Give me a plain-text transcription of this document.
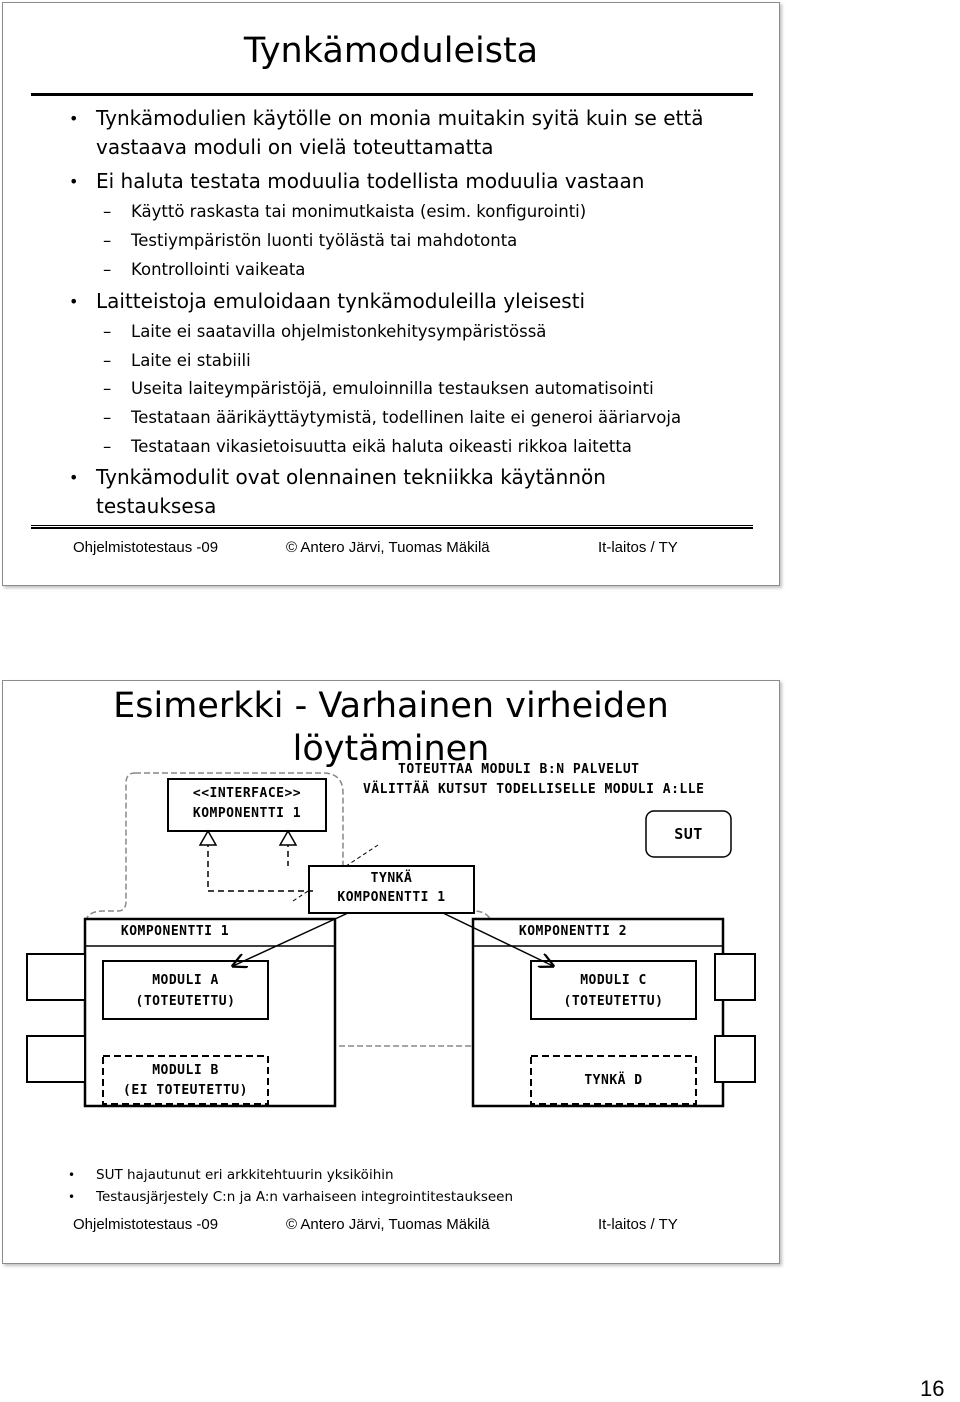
Tynkämoduleista
• Tynkämodulien käytölle on monia muitakin syitä kuin se että vastaava moduli on vielä toteuttamatta
• Ei haluta testata moduulia todellista moduulia vastaan
– Käyttö raskasta tai monimutkaista (esim. konfigurointi)
– Testiympäristön luonti työlästä tai mahdotonta
– Kontrollointi vaikeata
• Laitteistoja emuloidaan tynkämoduleilla yleisesti
– Laite ei saatavilla ohjelmistonkehitysympäristössä
– Laite ei stabiili
– Useita laiteympäristöjä, emuloinnilla testauksen automatisointi
– Testataan äärikäyttäytymistä, todellinen laite ei generoi ääriarvoja
– Testataan vikasietoisuutta eikä haluta oikeasti rikkoa laitetta
• Tynkämodulit ovat olennainen tekniikka käytännön testauksesa
Ohjelmistotestaus -09	© Antero Järvi, Tuomas Mäkilä	It-laitos / TY
Esimerkki - Varhainen virheiden
löytäminen
<<INTERFACE>>
KOMPONENTTI 1
TOTEUTTAA MODULI B:N PALVELUT
VÄLITTÄÄ KUTSUT TODELLISELLE MODULI A:LLE
SUT
TYNKÄ
KOMPONENTTI 1
KOMPONENTTI 1	KOMPONENTTI 2
MODULI A
(TOTEUTETTU)
MODULI B
(EI TOTEUTETTU)
MODULI C
(TOTEUTETTU)
TYNKÄ D
• SUT hajautunut eri arkkitehtuurin yksiköihin
• Testausjärjestely C:n ja A:n varhaiseen integrointitestaukseen
Ohjelmistotestaus -09	© Antero Järvi, Tuomas Mäkilä	It-laitos / TY
16
